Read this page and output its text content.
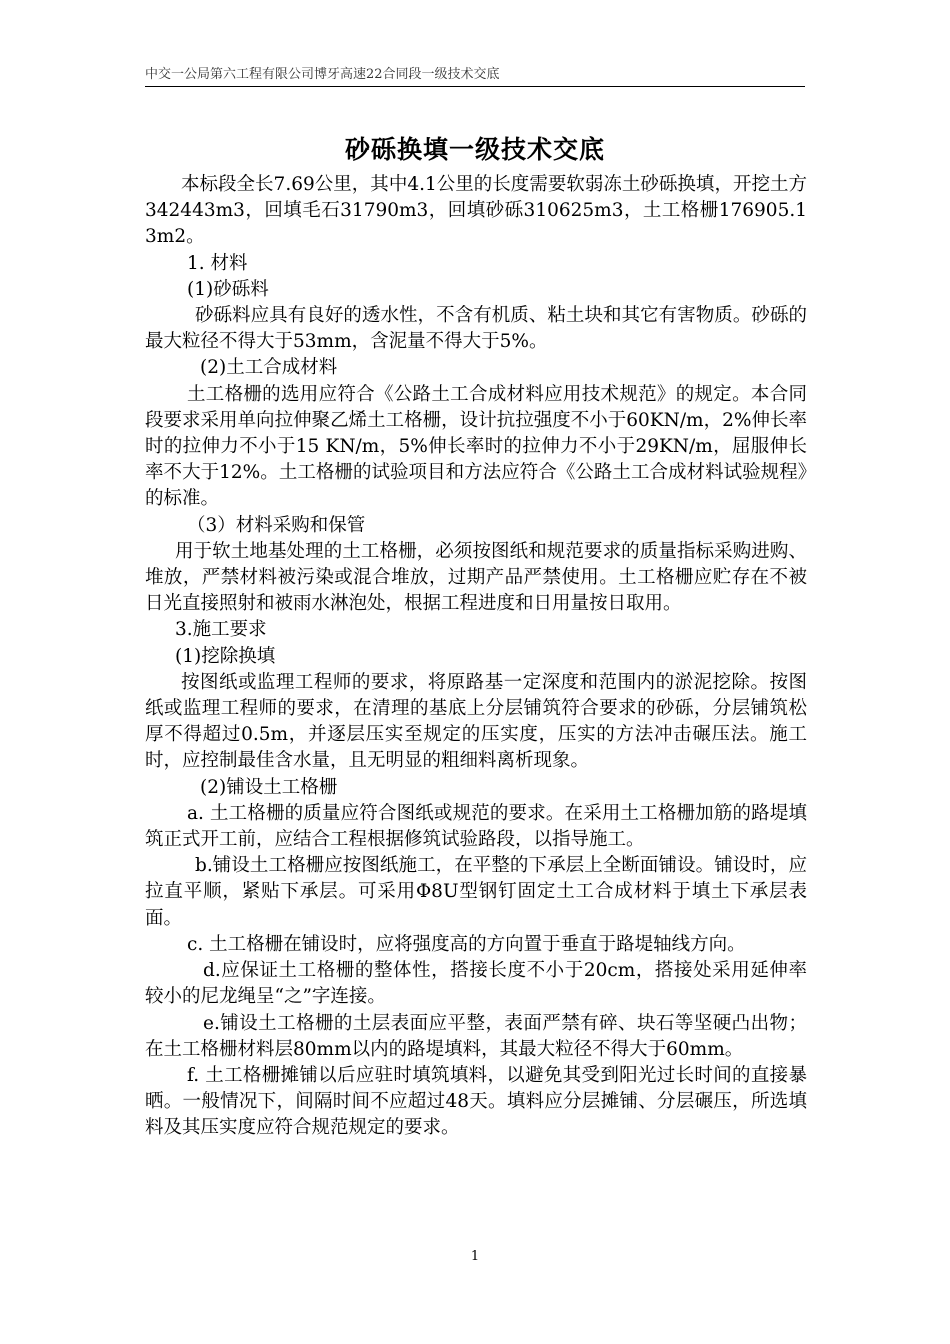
中交一公局第六工程有限公司博牙高速22合同段一级技术交底
砂砾换填一级技术交底

本标段全长7.69公里，其中4.1公里的长度需要软弱冻土砂砾换填，开挖土方342443m3，回填毛石31790m3，回填砂砾310625m3，土工格栅176905.13m2。

1. 材料

(1)砂砾料

砂砾料应具有良好的透水性，不含有机质、粘土块和其它有害物质。砂砾的最大粒径不得大于53mm，含泥量不得大于5%。

(2)土工合成材料

土工格栅的选用应符合《公路土工合成材料应用技术规范》的规定。本合同段要求采用单向拉伸聚乙烯土工格栅，设计抗拉强度不小于60KN/m，2%伸长率时的拉伸力不小于15 KN/m，5%伸长率时的拉伸力不小于29KN/m，屈服伸长率不大于12%。土工格栅的试验项目和方法应符合《公路土工合成材料试验规程》的标准。

（3）材料采购和保管

用于软土地基处理的土工格栅，必须按图纸和规范要求的质量指标采购进购、堆放，严禁材料被污染或混合堆放，过期产品严禁使用。土工格栅应贮存在不被日光直接照射和被雨水淋泡处，根据工程进度和日用量按日取用。

3.施工要求

(1)挖除换填

按图纸或监理工程师的要求，将原路基一定深度和范围内的淤泥挖除。按图纸或监理工程师的要求，在清理的基底上分层铺筑符合要求的砂砾，分层铺筑松厚不得超过0.5m，并逐层压实至规定的压实度，压实的方法冲击碾压法。施工时，应控制最佳含水量，且无明显的粗细料离析现象。

(2)铺设土工格栅

a. 土工格栅的质量应符合图纸或规范的要求。在采用土工格栅加筋的路堤填筑正式开工前，应结合工程根据修筑试验路段，以指导施工。

b.铺设土工格栅应按图纸施工，在平整的下承层上全断面铺设。铺设时，应拉直平顺，紧贴下承层。可采用Φ8U型钢钉固定土工合成材料于填土下承层表面。

c. 土工格栅在铺设时，应将强度高的方向置于垂直于路堤轴线方向。

d.应保证土工格栅的整体性，搭接长度不小于20cm，搭接处采用延伸率较小的尼龙绳呈“之”字连接。

e.铺设土工格栅的土层表面应平整，表面严禁有碎、块石等坚硬凸出物；在土工格栅材料层80mm以内的路堤填料，其最大粒径不得大于60mm。

f. 土工格栅摊铺以后应驻时填筑填料，以避免其受到阳光过长时间的直接暴晒。一般情况下，间隔时间不应超过48天。填料应分层摊铺、分层碾压，所选填料及其压实度应符合规范规定的要求。

1
